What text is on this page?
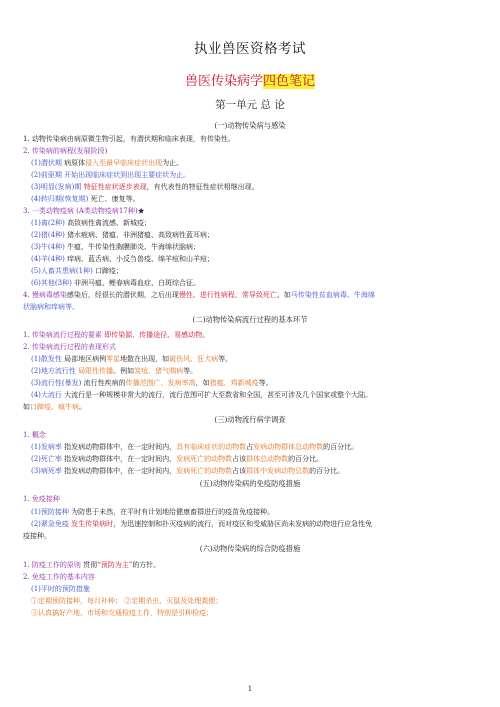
执业兽医资格考试
兽医传染病学四色笔记
第一单元 总 论
(一)动物传染病与感染
1. 动物传染病由病原微生物引起，有潜伏期和临床表现，有传染性。
2. 传染病的病程(发展阶段)
(1)潜伏期 病原体侵入至最早临床症状出现为止。
(2)前驱期 开始出现临床症状到出现主要症状为止。
(3)明显(发病)期 特征性症状逐步表现，有代表性的特征性症状相继出现。
(4)转归期(恢复期) 死亡、康复等。
3. 一类动物疫病 (A类动物疫病17种)★
(1)禽(2种) 高致病性禽流感、新城疫；
(2)猪(4种) 猪水疱病、猪瘟、非洲猪瘟、高致病性蓝耳病；
(3)牛(4种) 牛瘟、牛传染性胸膜肺炎、牛海绵状脑病；
(4)羊(4种) 痒病、蓝舌病、小反刍兽疫、绵羊痘和山羊痘；
(5)人畜共患病(1种) 口蹄疫；
(6)其他(3种) 非洲马瘟、鲤春病毒血症、白斑综合征。
4. 慢病毒感染感染后，经很长的潜伏期，之后出现慢性、进行性病程，常导致死亡。如马传染性贫血病毒、牛海绵
状脑病和痒病等。
(二)动物传染病流行过程的基本环节
1. 传染病流行过程的要素 即传染源、传播途径、易感动物。
2. 传染病流行过程的表现形式
(1)散发性 局部地区病例零星地散在出现，如破伤风、狂犬病等。
(2)地方流行性 局限性传播。例如炭疽、猪气喘病等。
(3)流行性(暴发) 流行性疾病的传播范围广、发病率高，如猪瘟、鸡新城疫等。
(4)大流行 大流行是一种规模非常大的流行，流行范围可扩大至数省和全国，甚至可涉及几个国家或整个大陆。
如口蹄疫、疯牛病。
(三)动物流行病学调查
1. 概念
(1)发病率 指发病动物群体中，在一定时间内，具有临床症状的动物数占发病动物群体总动物数的百分比。
(2)死亡率 指发病动物群体中，在一定时间内，发病死亡的动物数占该群体总动物数的百分比。
(3)病死率 指发病动物群体中，在一定时间内，发病死亡的动物数占该群体中发病动物总数的百分比。
(五)动物传染病的免疫防疫措施
1. 免疫接种
(1)预防接种 为防患于未然，在平时有计划地给健康畜群进行的疫苗免疫接种。
(2)紧急免疫 发生传染病时，为迅速控制和扑灭疫病的流行，而对疫区和受威胁区尚未发病的动物进行应急性免
疫接种。
(六)动物传染病的综合防疫措施
1. 防疫工作的原则 贯彻“预防为主”的方针。
2. 免疫工作的基本内容
(1)平时的预防措施
①定期预防接种，每月补种； ②定期杀虫、灭鼠及处理粪便；
③认真搞好产地、市场和交通检疫工作，特别是引种检疫；
1
